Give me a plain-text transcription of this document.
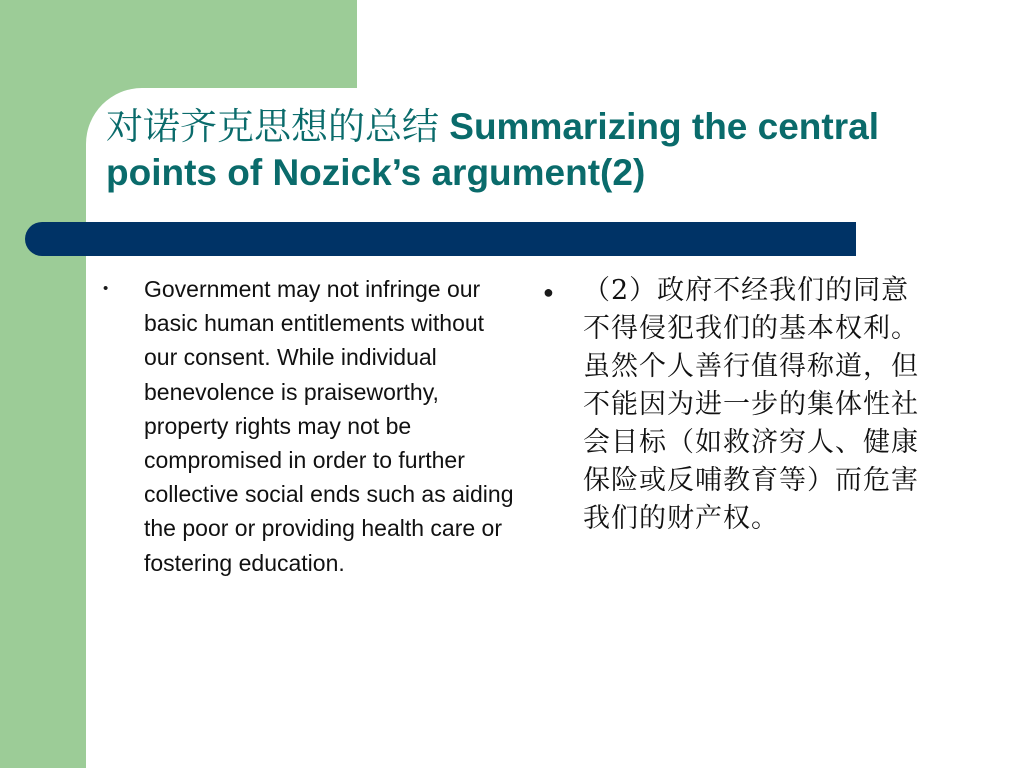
对诺齐克思想的总结 Summarizing the central points of Nozick’s argument(2)
•	Government may not infringe our basic human entitlements without our consent. While individual benevolence is praiseworthy, property rights may not be compromised in order to further collective social ends such as aiding the poor or providing health care or fostering education.
●	（2）政府不经我们的同意不得侵犯我们的基本权利。虽然个人善行值得称道，但不能因为进一步的集体性社会目标（如救济穷人、健康保险或反哺教育等）而危害我们的财产权。
